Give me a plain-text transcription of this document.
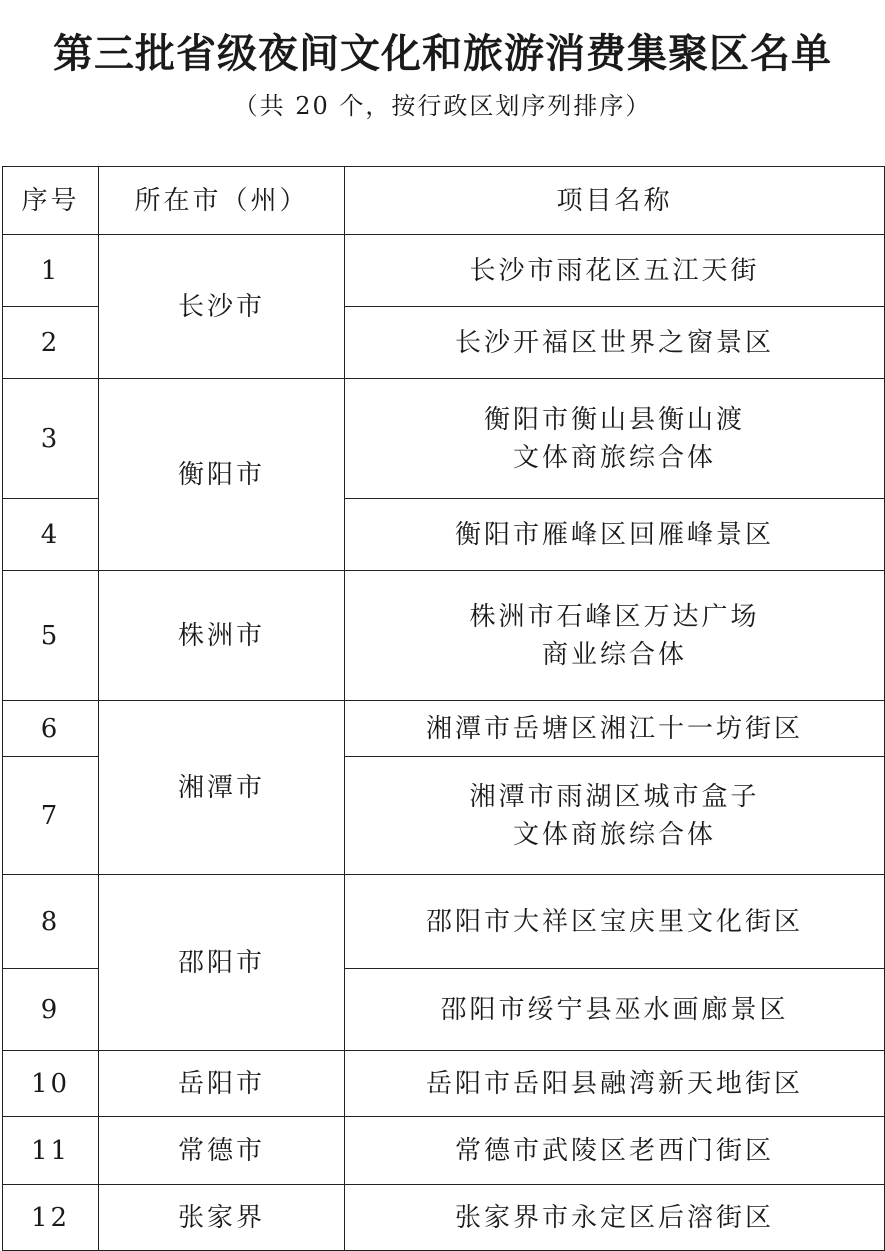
第三批省级夜间文化和旅游消费集聚区名单
（共 20 个，按行政区划序列排序）
序号	所在市（州）	项目名称
1	长沙市	长沙市雨花区五江天街
2		长沙开福区世界之窗景区
3	衡阳市	衡阳市衡山县衡山渡
文体商旅综合体

4		衡阳市雁峰区回雁峰景区
5	株洲市	株洲市石峰区万达广场
商业综合体

6	湘潭市	湘潭市岳塘区湘江十一坊街区
7		湘潭市雨湖区城市盒子
文体商旅综合体

8	邵阳市	邵阳市大祥区宝庆里文化街区
9		邵阳市绥宁县巫水画廊景区
10	岳阳市	岳阳市岳阳县融湾新天地街区
11	常德市	常德市武陵区老西门街区
12	张家界	张家界市永定区后溶街区
